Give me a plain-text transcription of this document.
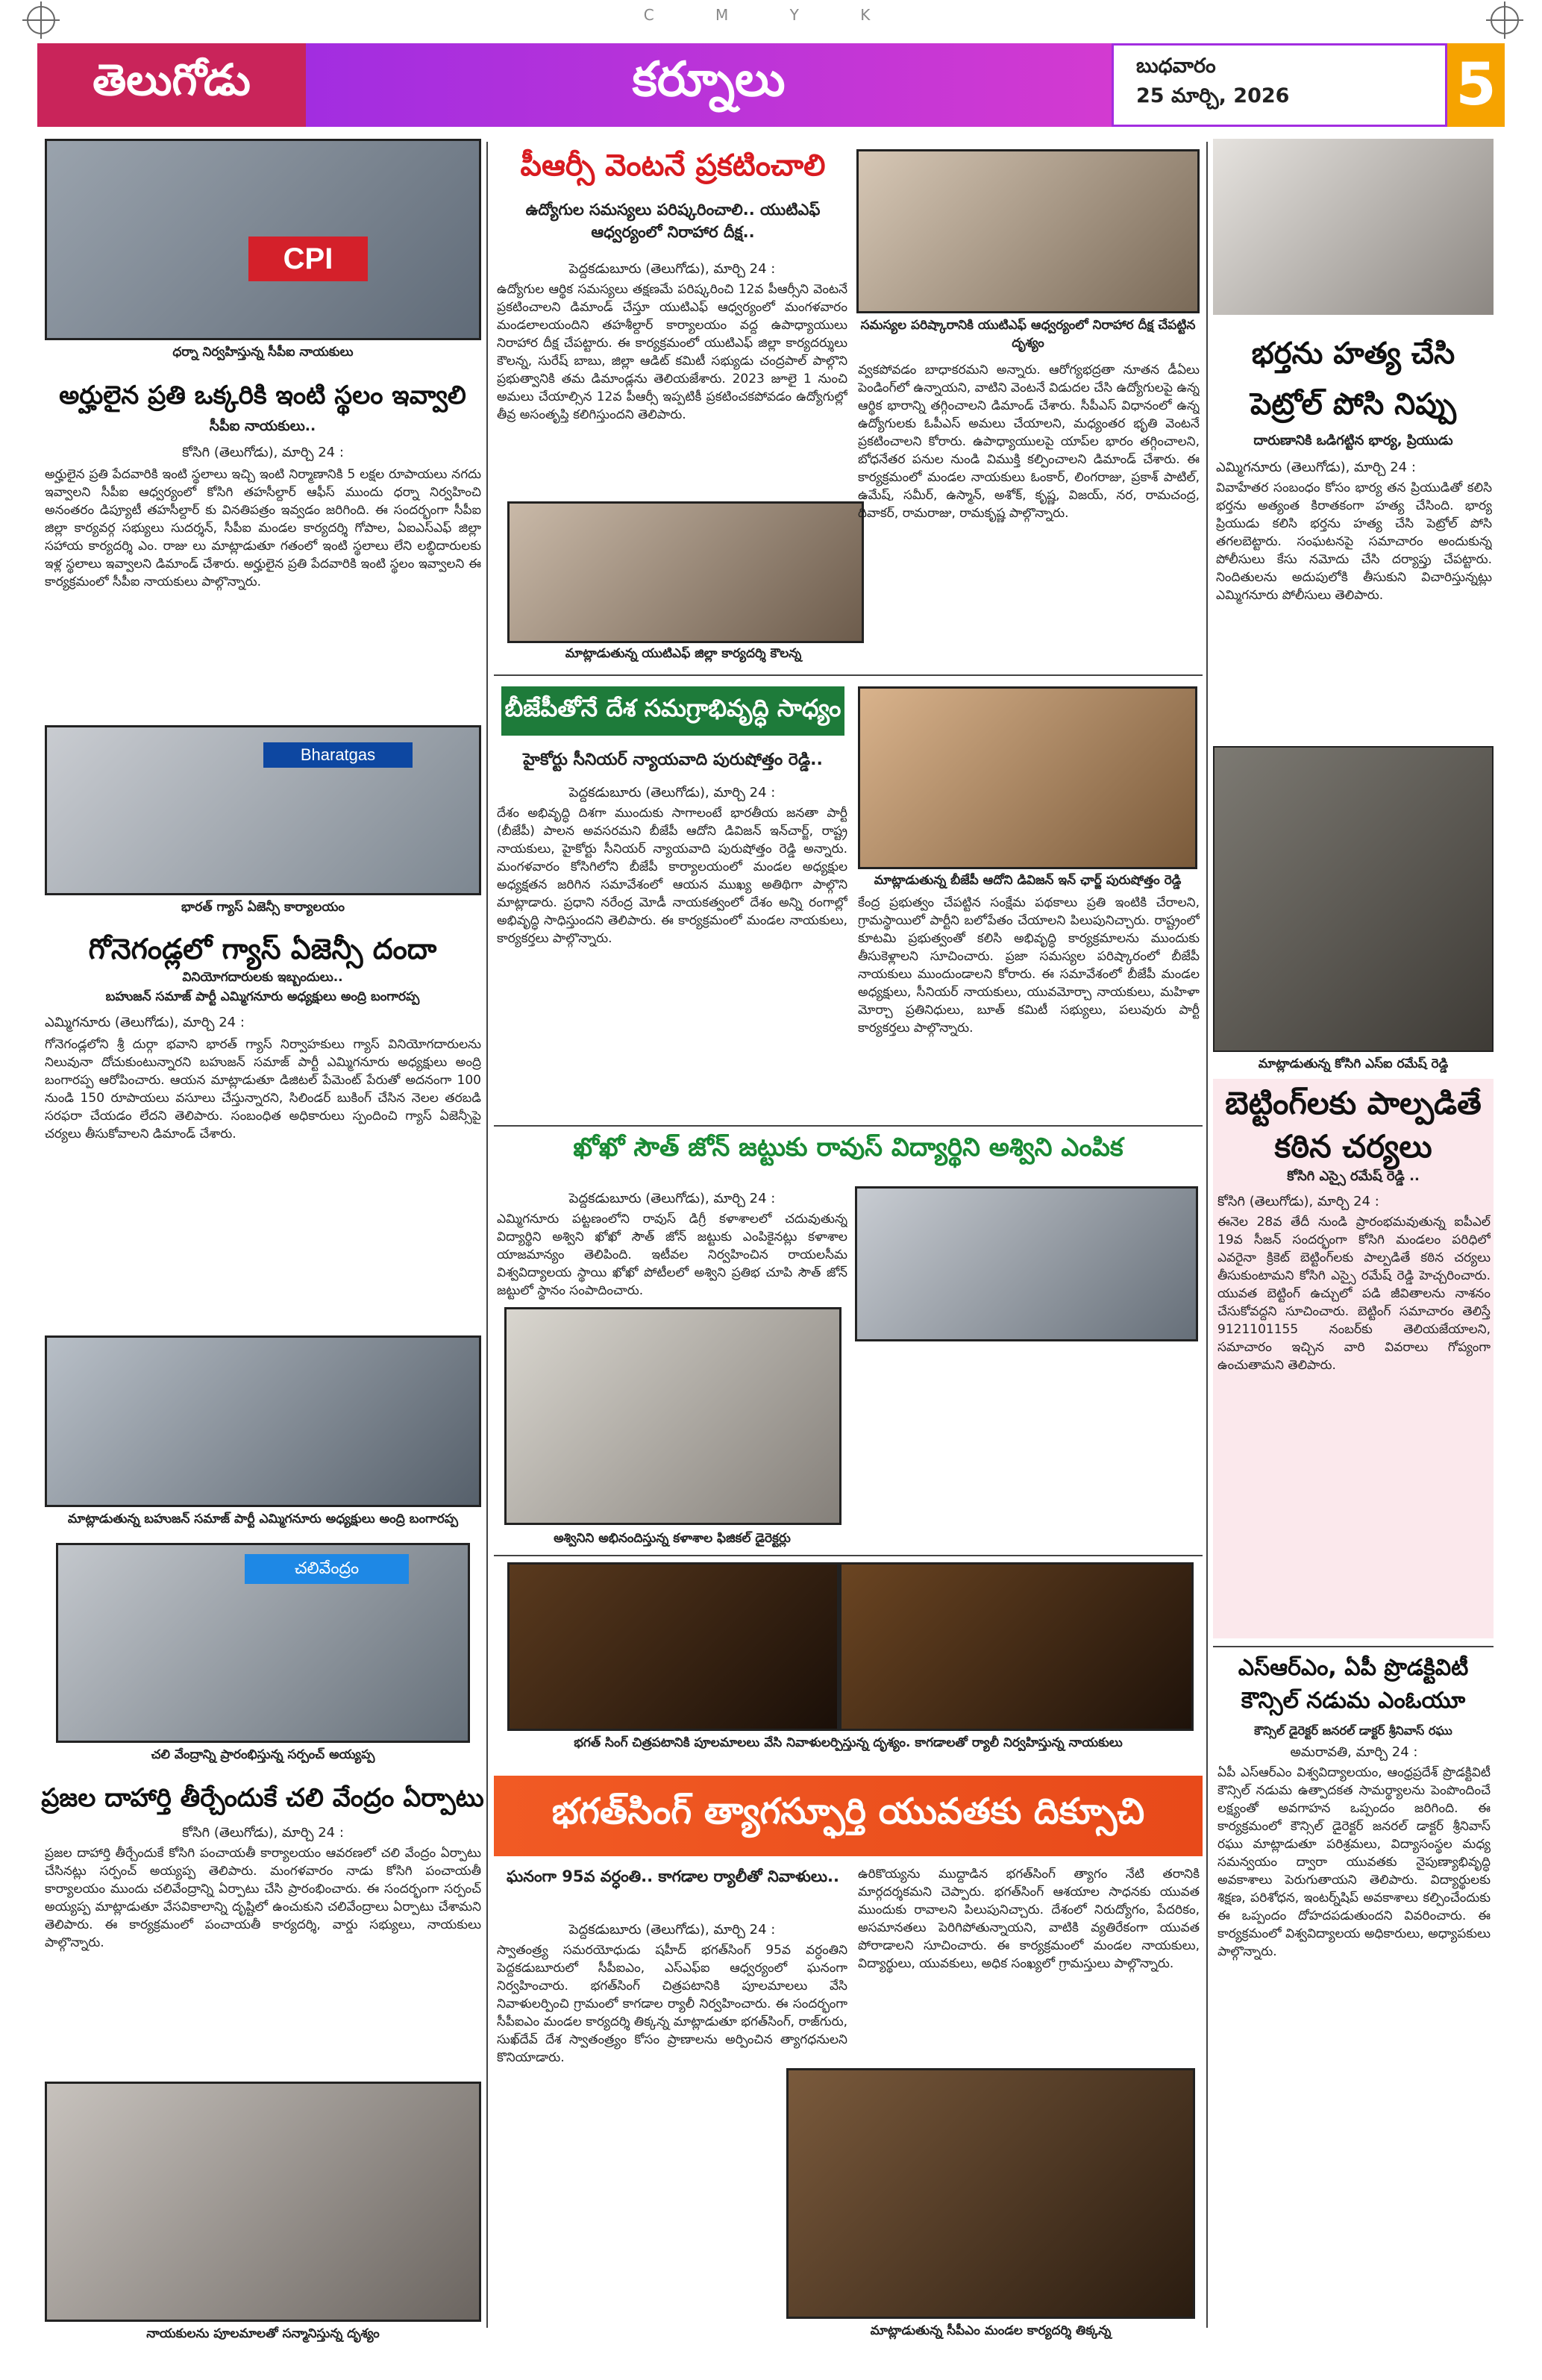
C M Y K
తెలుగోడు	కర్నూలు	బుధవారం
25 మార్చి, 2026	5
CPI
ధర్నా నిర్వహిస్తున్న సీపీఐ నాయకులు
అర్హులైన ప్రతి ఒక్కరికి ఇంటి స్థలం ఇవ్వాలి
సీపీఐ నాయకులు..
కోసిగి (తెలుగోడు), మార్చి 24 :
అర్హులైన ప్రతి పేదవారికి ఇంటి స్థలాలు ఇచ్చి ఇంటి నిర్మాణానికి 5 లక్షల రూపాయలు నగదు ఇవ్వాలని సీపీఐ ఆధ్వర్యంలో కోసిగి తహసీల్దార్ ఆఫీస్ ముందు ధర్నా నిర్వహించి అనంతరం డిప్యూటీ తహసీల్దార్ కు వినతిపత్రం ఇవ్వడం జరిగింది. ఈ సందర్భంగా సీపీఐ జిల్లా కార్యవర్గ సభ్యులు సుదర్శన్, సీపీఐ మండల కార్యదర్శి గోపాల, ఏఐఎస్ఎఫ్ జిల్లా సహాయ కార్యదర్శి ఎం. రాజు లు మాట్లాడుతూ గతంలో ఇంటి స్థలాలు లేని లబ్ధిదారులకు ఇళ్ల స్థలాలు ఇవ్వాలని డిమాండ్ చేశారు. అర్హులైన ప్రతి పేదవారికి ఇంటి స్థలం ఇవ్వాలని ఈ కార్యక్రమంలో సీపీఐ నాయకులు పాల్గొన్నారు.
Bharatgas
భారత్ గ్యాస్ ఏజెన్సీ కార్యాలయం
గోనెగండ్లలో గ్యాస్ ఏజెన్సీ దందా
వినియోగదారులకు ఇబ్బందులు..
బహుజన్ సమాజ్ పార్టీ ఎమ్మిగనూరు అధ్యక్షులు అంద్రి బంగారప్ప
ఎమ్మిగనూరు (తెలుగోడు), మార్చి 24 :
గోనెగండ్లలోని శ్రీ దుర్గా భవాని భారత్ గ్యాస్ నిర్వాహకులు గ్యాస్ వినియోగదారులను నిలువునా దోచుకుంటున్నారని బహుజన్ సమాజ్ పార్టీ ఎమ్మిగనూరు అధ్యక్షులు అంద్రి బంగారప్ప ఆరోపించారు. ఆయన మాట్లాడుతూ డిజిటల్ పేమెంట్ పేరుతో అదనంగా 100 నుండి 150 రూపాయలు వసూలు చేస్తున్నారని, సిలిండర్ బుకింగ్ చేసిన నెలల తరబడి సరఫరా చేయడం లేదని తెలిపారు. సంబంధిత అధికారులు స్పందించి గ్యాస్ ఏజెన్సీపై చర్యలు తీసుకోవాలని డిమాండ్ చేశారు.
మాట్లాడుతున్న బహుజన్ సమాజ్ పార్టీ ఎమ్మిగనూరు అధ్యక్షులు అంద్రి బంగారప్ప
చలివేంద్రం
చలి వేంద్రాన్ని ప్రారంభిస్తున్న సర్పంచ్ అయ్యప్ప
ప్రజల దాహార్తి తీర్చేందుకే చలి వేంద్రం ఏర్పాటు
కోసిగి (తెలుగోడు), మార్చి 24 :
ప్రజల దాహార్తి తీర్చేందుకే కోసిగి పంచాయతీ కార్యాలయం ఆవరణలో చలి వేంద్రం ఏర్పాటు చేసినట్లు సర్పంచ్ అయ్యప్ప తెలిపారు. మంగళవారం నాడు కోసిగి పంచాయతీ కార్యాలయం ముందు చలివేంద్రాన్ని ఏర్పాటు చేసి ప్రారంభించారు. ఈ సందర్భంగా సర్పంచ్ అయ్యప్ప మాట్లాడుతూ వేసవికాలాన్ని దృష్టిలో ఉంచుకుని చలివేంద్రాలు ఏర్పాటు చేశామని తెలిపారు. ఈ కార్యక్రమంలో పంచాయతీ కార్యదర్శి, వార్డు సభ్యులు, నాయకులు పాల్గొన్నారు.
నాయకులను పూలమాలతో సన్మానిస్తున్న దృశ్యం
పీఆర్సీ వెంటనే ప్రకటించాలి
ఉద్యోగుల సమస్యలు పరిష్కరించాలి.. యుటిఎఫ్ ఆధ్వర్యంలో నిరాహార దీక్ష..
పెద్దకడుబూరు (తెలుగోడు), మార్చి 24 :
ఉద్యోగుల ఆర్థిక సమస్యలు తక్షణమే పరిష్కరించి 12వ పీఆర్సీని వెంటనే ప్రకటించాలని డిమాండ్ చేస్తూ యుటిఎఫ్ ఆధ్వర్యంలో మంగళవారం మండలాలయందిని తహశీల్దార్ కార్యాలయం వద్ద ఉపాధ్యాయులు నిరాహార దీక్ష చేపట్టారు. ఈ కార్యక్రమంలో యుటిఎఫ్ జిల్లా కార్యదర్శులు కౌలన్న, సురేష్ బాబు, జిల్లా ఆడిట్ కమిటీ సభ్యుడు చంద్రపాల్ పాల్గొని ప్రభుత్వానికి తమ డిమాండ్లను తెలియజేశారు. 2023 జూలై 1 నుంచి అమలు చేయాల్సిన 12వ పీఆర్సీ ఇప్పటికీ ప్రకటించకపోవడం ఉద్యోగుల్లో తీవ్ర అసంతృప్తి కలిగిస్తుందని తెలిపారు.
మాట్లాడుతున్న యుటిఎఫ్ జిల్లా కార్యదర్శి కౌలన్న
సమస్యల పరిష్కారానికి యుటిఎఫ్ ఆధ్వర్యంలో నిరాహార దీక్ష చేపట్టిన దృశ్యం
వ్వకపోవడం బాధాకరమని అన్నారు. ఆరోగ్యభద్రతా నూతన డీఏలు పెండింగ్‌లో ఉన్నాయని, వాటిని వెంటనే విడుదల చేసి ఉద్యోగులపై ఉన్న ఆర్థిక భారాన్ని తగ్గించాలని డిమాండ్ చేశారు. సీపీఎస్ విధానంలో ఉన్న ఉద్యోగులకు ఓపీఎస్ అమలు చేయాలని, మధ్యంతర భృతి వెంటనే ప్రకటించాలని కోరారు. ఉపాధ్యాయులపై యాప్‌ల భారం తగ్గించాలని, బోధనేతర పనుల నుండి విముక్తి కల్పించాలని డిమాండ్ చేశారు. ఈ కార్యక్రమంలో మండల నాయకులు ఓంకార్, లింగరాజు, ప్రకాశ్ పాటిల్, ఉమేష్, సమీర్, ఉస్మాన్, అశోక్, కృష్ణ, విజయ్, నర, రామచంద్ర, దివాకర్, రామరాజు, రామకృష్ణ పాల్గొన్నారు.
బీజేపీతోనే దేశ సమగ్రాభివృద్ధి సాధ్యం
హైకోర్టు సీనియర్ న్యాయవాది పురుషోత్తం రెడ్డి..
పెద్దకడుబూరు (తెలుగోడు), మార్చి 24 :
దేశం అభివృద్ధి దిశగా ముందుకు సాగాలంటే భారతీయ జనతా పార్టీ (బీజేపీ) పాలన అవసరమని బీజేపీ ఆదోని డివిజన్ ఇన్‌చార్జ్, రాష్ట్ర నాయకులు, హైకోర్టు సీనియర్ న్యాయవాది పురుషోత్తం రెడ్డి అన్నారు. మంగళవారం కోసిగిలోని బీజేపీ కార్యాలయంలో మండల అధ్యక్షుల అధ్యక్షతన జరిగిన సమావేశంలో ఆయన ముఖ్య అతిథిగా పాల్గొని మాట్లాడారు. ప్రధాని నరేంద్ర మోడీ నాయకత్వంలో దేశం అన్ని రంగాల్లో అభివృద్ధి సాధిస్తుందని తెలిపారు. ఈ కార్యక్రమంలో మండల నాయకులు, కార్యకర్తలు పాల్గొన్నారు.
మాట్లాడుతున్న బీజేపీ ఆదోని డివిజన్ ఇన్ ఛార్జ్ పురుషోత్తం రెడ్డి
కేంద్ర ప్రభుత్వం చేపట్టిన సంక్షేమ పథకాలు ప్రతి ఇంటికి చేరాలని, గ్రామస్థాయిలో పార్టీని బలోపేతం చేయాలని పిలుపునిచ్చారు. రాష్ట్రంలో కూటమి ప్రభుత్వంతో కలిసి అభివృద్ధి కార్యక్రమాలను ముందుకు తీసుకెళ్లాలని సూచించారు. ప్రజా సమస్యల పరిష్కారంలో బీజేపీ నాయకులు ముందుండాలని కోరారు. ఈ సమావేశంలో బీజేపీ మండల అధ్యక్షులు, సీనియర్ నాయకులు, యువమోర్చా నాయకులు, మహిళా మోర్చా ప్రతినిధులు, బూత్ కమిటీ సభ్యులు, పలువురు పార్టీ కార్యకర్తలు పాల్గొన్నారు.
ఖోఖో సౌత్ జోన్ జట్టుకు రావుస్ విద్యార్థిని అశ్విని ఎంపిక
పెద్దకడుబూరు (తెలుగోడు), మార్చి 24 :
ఎమ్మిగనూరు పట్టణంలోని రావుస్ డిగ్రీ కళాశాలలో చదువుతున్న విద్యార్థిని అశ్విని ఖోఖో సౌత్ జోన్ జట్టుకు ఎంపికైనట్లు కళాశాల యాజమాన్యం తెలిపింది. ఇటీవల నిర్వహించిన రాయలసీమ విశ్వవిద్యాలయ స్థాయి ఖోఖో పోటీలలో అశ్విని ప్రతిభ చూపి సౌత్ జోన్ జట్టులో స్థానం సంపాదించారు.
అశ్వినిని అభినందిస్తున్న కళాశాల ఫిజికల్ డైరెక్టర్లు
భగత్ సింగ్ చిత్రపటానికి పూలమాలలు వేసి నివాళులర్పిస్తున్న దృశ్యం. కాగడాలతో ర్యాలీ నిర్వహిస్తున్న నాయకులు
భగత్‌సింగ్ త్యాగస్ఫూర్తి యువతకు దిక్సూచి
ఘనంగా 95వ వర్ధంతి.. కాగడాల ర్యాలీతో నివాళులు..
పెద్దకడుబూరు (తెలుగోడు), మార్చి 24 :
స్వాతంత్ర్య సమరయోధుడు షహీద్ భగత్‌సింగ్ 95వ వర్ధంతిని పెద్దకడుబూరులో సీపీఐఎం, ఎస్ఎఫ్ఐ ఆధ్వర్యంలో ఘనంగా నిర్వహించారు. భగత్‌సింగ్ చిత్రపటానికి పూలమాలలు వేసి నివాళులర్పించి గ్రామంలో కాగడాల ర్యాలీ నిర్వహించారు. ఈ సందర్భంగా సీపీఐఎం మండల కార్యదర్శి తిక్కన్న మాట్లాడుతూ భగత్‌సింగ్, రాజ్‌గురు, సుఖ్‌దేవ్ దేశ స్వాతంత్ర్యం కోసం ప్రాణాలను అర్పించిన త్యాగధనులని కొనియాడారు.
ఉరికొయ్యను ముద్దాడిన భగత్‌సింగ్ త్యాగం నేటి తరానికి మార్గదర్శకమని చెప్పారు. భగత్‌సింగ్ ఆశయాల సాధనకు యువత ముందుకు రావాలని పిలుపునిచ్చారు. దేశంలో నిరుద్యోగం, పేదరికం, అసమానతలు పెరిగిపోతున్నాయని, వాటికి వ్యతిరేకంగా యువత పోరాడాలని సూచించారు. ఈ కార్యక్రమంలో మండల నాయకులు, విద్యార్థులు, యువకులు, అధిక సంఖ్యలో గ్రామస్తులు పాల్గొన్నారు.
మాట్లాడుతున్న సీపీఎం మండల కార్యదర్శి తిక్కన్న
భర్తను హత్య చేసి పెట్రోల్ పోసి నిప్పు
దారుణానికి ఒడిగట్టిన భార్య, ప్రియుడు
ఎమ్మిగనూరు (తెలుగోడు), మార్చి 24 :
వివాహేతర సంబంధం కోసం భార్య తన ప్రియుడితో కలిసి భర్తను అత్యంత కిరాతకంగా హత్య చేసింది. భార్య ప్రియుడు కలిసి భర్తను హత్య చేసి పెట్రోల్ పోసి తగలబెట్టారు. సంఘటనపై సమాచారం అందుకున్న పోలీసులు కేసు నమోదు చేసి దర్యాప్తు చేపట్టారు. నిందితులను అదుపులోకి తీసుకుని విచారిస్తున్నట్లు ఎమ్మిగనూరు పోలీసులు తెలిపారు.
మాట్లాడుతున్న కోసిగి ఎస్ఐ రమేష్ రెడ్డి
బెట్టింగ్‌లకు పాల్పడితే కఠిన చర్యలు
కోసిగి ఎస్సై రమేష్ రెడ్డి ..
కోసిగి (తెలుగోడు), మార్చి 24 :
ఈనెల 28వ తేదీ నుండి ప్రారంభమవుతున్న ఐపీఎల్ 19వ సీజన్ సందర్భంగా కోసిగి మండలం పరిధిలో ఎవరైనా క్రికెట్ బెట్టింగ్‌లకు పాల్పడితే కఠిన చర్యలు తీసుకుంటామని కోసిగి ఎస్సై రమేష్ రెడ్డి హెచ్చరించారు. యువత బెట్టింగ్ ఉచ్చులో పడి జీవితాలను నాశనం చేసుకోవద్దని సూచించారు. బెట్టింగ్ సమాచారం తెలిస్తే 9121101155 నంబర్‌కు తెలియజేయాలని, సమాచారం ఇచ్చిన వారి వివరాలు గోప్యంగా ఉంచుతామని తెలిపారు.
ఎస్ఆర్ఎం, ఏపీ ప్రొడక్టివిటీ కౌన్సిల్ నడుమ ఎంఓయూ
కౌన్సిల్ డైరెక్టర్ జనరల్ డాక్టర్ శ్రీనివాస్ రఘు
అమరావతి, మార్చి 24 :
ఏపీ ఎస్ఆర్ఎం విశ్వవిద్యాలయం, ఆంధ్రప్రదేశ్ ప్రొడక్టివిటీ కౌన్సిల్ నడుమ ఉత్పాదకత సామర్థ్యాలను పెంపొందించే లక్ష్యంతో అవగాహన ఒప్పందం జరిగింది. ఈ కార్యక్రమంలో కౌన్సిల్ డైరెక్టర్ జనరల్ డాక్టర్ శ్రీనివాస్ రఘు మాట్లాడుతూ పరిశ్రమలు, విద్యాసంస్థల మధ్య సమన్వయం ద్వారా యువతకు నైపుణ్యాభివృద్ధి అవకాశాలు పెరుగుతాయని తెలిపారు. విద్యార్థులకు శిక్షణ, పరిశోధన, ఇంటర్న్‌షిప్ అవకాశాలు కల్పించేందుకు ఈ ఒప్పందం దోహదపడుతుందని వివరించారు. ఈ కార్యక్రమంలో విశ్వవిద్యాలయ అధికారులు, అధ్యాపకులు పాల్గొన్నారు.
